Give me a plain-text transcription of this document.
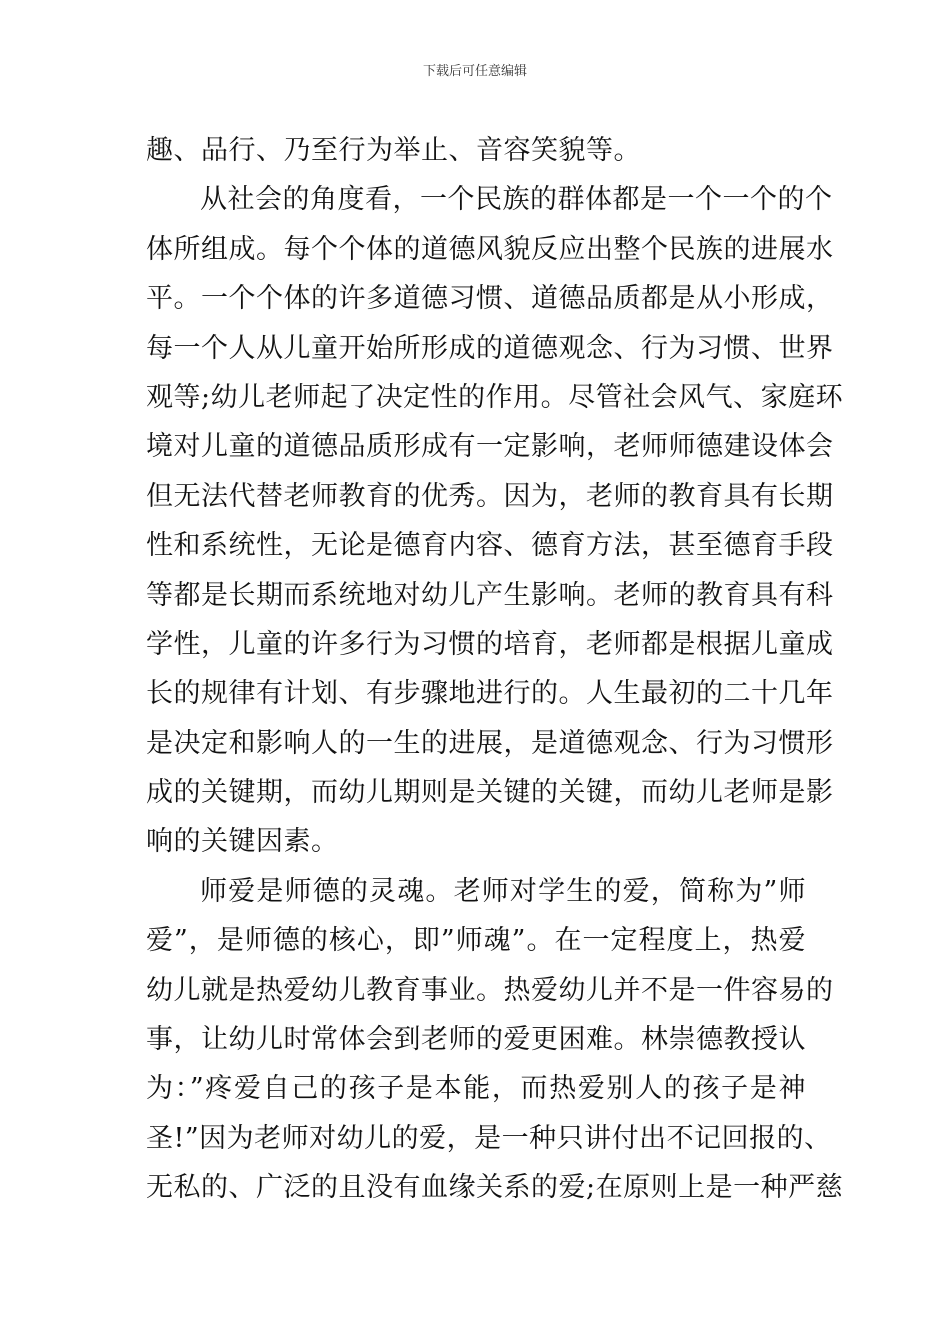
下载后可任意编辑
趣、品行、乃至行为举止、音容笑貌等。
从社会的角度看，一个民族的群体都是一个一个的个
体所组成。每个个体的道德风貌反应出整个民族的进展水
平。一个个体的许多道德习惯、道德品质都是从小形成，
每一个人从儿童开始所形成的道德观念、行为习惯、世界
观等;幼儿老师起了决定性的作用。尽管社会风气、家庭环
境对儿童的道德品质形成有一定影响，老师师德建设体会
但无法代替老师教育的优秀。因为，老师的教育具有长期
性和系统性，无论是德育内容、德育方法，甚至德育手段
等都是长期而系统地对幼儿产生影响。老师的教育具有科
学性，儿童的许多行为习惯的培育，老师都是根据儿童成
长的规律有计划、有步骤地进行的。人生最初的二十几年
是决定和影响人的一生的进展，是道德观念、行为习惯形
成的关键期，而幼儿期则是关键的关键，而幼儿老师是影
响的关键因素。
师爱是师德的灵魂。老师对学生的爱，简称为”师
爱”，是师德的核心，即”师魂”。在一定程度上，热爱
幼儿就是热爱幼儿教育事业。热爱幼儿并不是一件容易的
事，让幼儿时常体会到老师的爱更困难。林崇德教授认
为：”疼爱自己的孩子是本能，而热爱别人的孩子是神
圣!”因为老师对幼儿的爱，是一种只讲付出不记回报的、
无私的、广泛的且没有血缘关系的爱;在原则上是一种严慈
